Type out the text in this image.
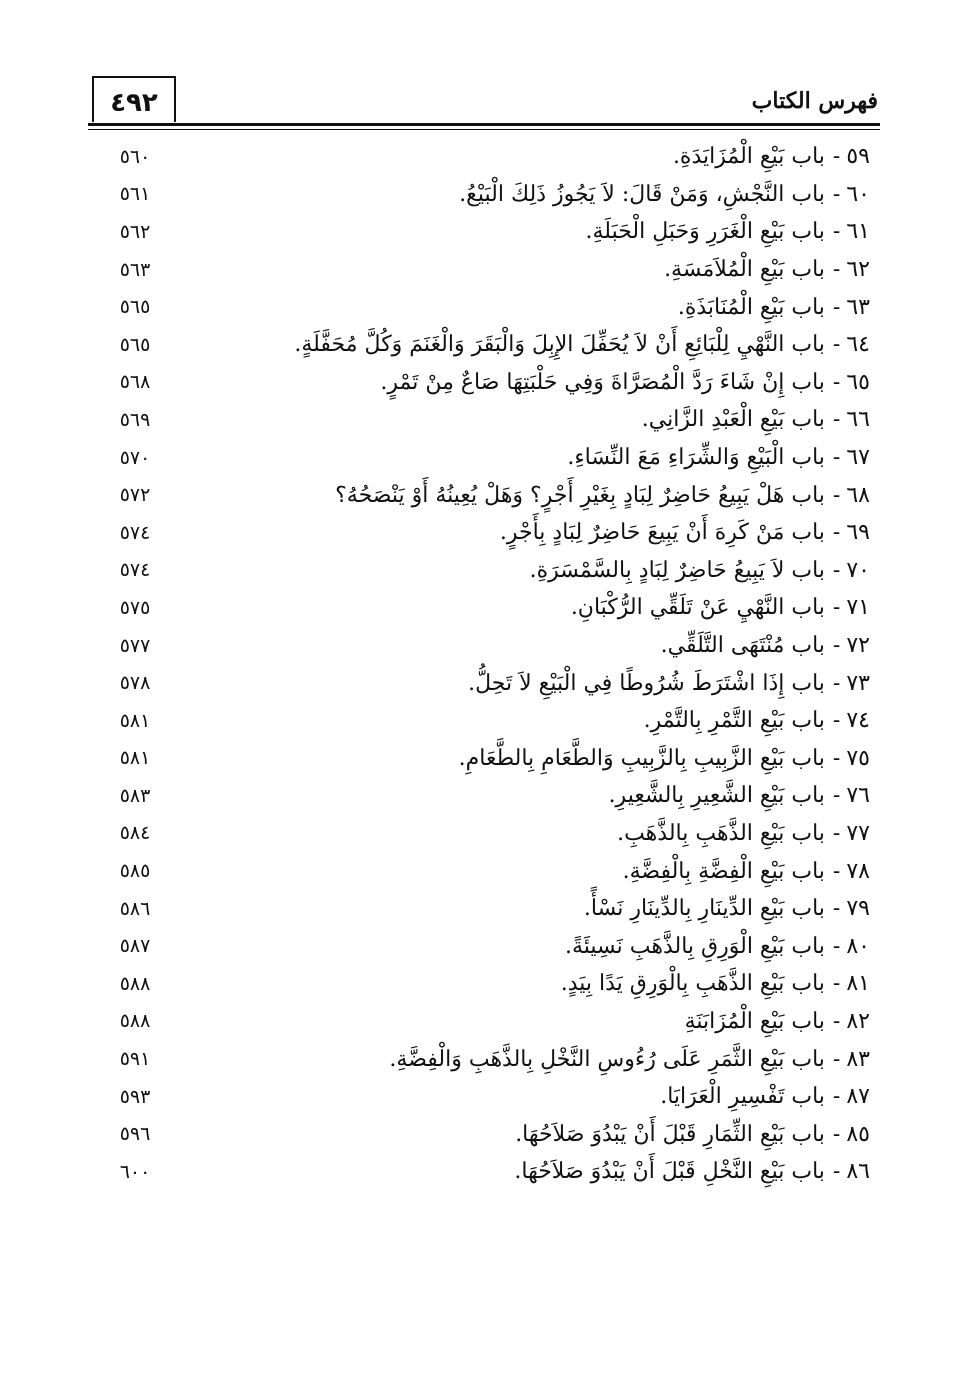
٤٩٢	فهرس الكتاب
٥٩-باب بَيْعِ الْمُزَايَدَةِ.
٥٦٠
٦٠-باب النَّجْشِ، وَمَنْ قَالَ: لاَ يَجُوزُ ذَلِكَ الْبَيْعُ.
٥٦١
٦١-باب بَيْعِ الْغَرَرِ وَحَبَلِ الْحَبَلَةِ.
٥٦٢
٦٢-باب بَيْعِ الْمُلاَمَسَةِ.
٥٦٣
٦٣-باب بَيْعِ الْمُنَابَذَةِ.
٥٦٥
٦٤-باب النَّهْيِ لِلْبَائِعِ أَنْ لاَ يُحَفِّلَ الإِبِلَ وَالْبَقَرَ وَالْغَنَمَ وَكُلَّ مُحَفَّلَةٍ.
٥٦٥
٦٥-باب إِنْ شَاءَ رَدَّ الْمُصَرَّاةَ وَفِي حَلْبَتِهَا صَاعٌ مِنْ تَمْرٍ.
٥٦٨
٦٦-باب بَيْعِ الْعَبْدِ الزَّانِي.
٥٦٩
٦٧-باب الْبَيْعِ وَالشِّرَاءِ مَعَ النِّسَاءِ.
٥٧٠
٦٨-باب هَلْ يَبِيعُ حَاضِرٌ لِبَادٍ بِغَيْرِ أَجْرٍ؟ وَهَلْ يُعِينُهُ أَوْ يَنْصَحُهُ؟
٥٧٢
٦٩-باب مَنْ كَرِهَ أَنْ يَبِيعَ حَاضِرٌ لِبَادٍ بِأَجْرٍ.
٥٧٤
٧٠-باب لاَ يَبِيعُ حَاضِرٌ لِبَادٍ بِالسَّمْسَرَةِ.
٥٧٤
٧١-باب النَّهْيِ عَنْ تَلَقِّي الرُّكْبَانِ.
٥٧٥
٧٢-باب مُنْتَهَى التَّلَقِّي.
٥٧٧
٧٣-باب إِذَا اشْتَرَطَ شُرُوطًا فِي الْبَيْعِ لاَ تَحِلُّ.
٥٧٨
٧٤-باب بَيْعِ التَّمْرِ بِالتَّمْرِ.
٥٨١
٧٥-باب بَيْعِ الزَّبِيبِ بِالزَّبِيبِ وَالطَّعَامِ بِالطَّعَامِ.
٥٨١
٧٦-باب بَيْعِ الشَّعِيرِ بِالشَّعِيرِ.
٥٨٣
٧٧-باب بَيْعِ الذَّهَبِ بِالذَّهَبِ.
٥٨٤
٧٨-باب بَيْعِ الْفِضَّةِ بِالْفِضَّةِ.
٥٨٥
٧٩-باب بَيْعِ الدِّينَارِ بِالدِّينَارِ نَسْأً.
٥٨٦
٨٠-باب بَيْعِ الْوَرِقِ بِالذَّهَبِ نَسِيئَةً.
٥٨٧
٨١-باب بَيْعِ الذَّهَبِ بِالْوَرِقِ يَدًا بِيَدٍ.
٥٨٨
٨٢-باب بَيْعِ الْمُزَابَنَةِ
٥٨٨
٨٣-باب بَيْعِ الثَّمَرِ عَلَى رُءُوسِ النَّخْلِ بِالذَّهَبِ وَالْفِضَّةِ.
٥٩١
٨٧-باب تَفْسِيرِ الْعَرَايَا.
٥٩٣
٨٥-باب بَيْعِ الثِّمَارِ قَبْلَ أَنْ يَبْدُوَ صَلاَحُهَا.
٥٩٦
٨٦-باب بَيْعِ النَّخْلِ قَبْلَ أَنْ يَبْدُوَ صَلاَحُهَا.
٦٠٠
